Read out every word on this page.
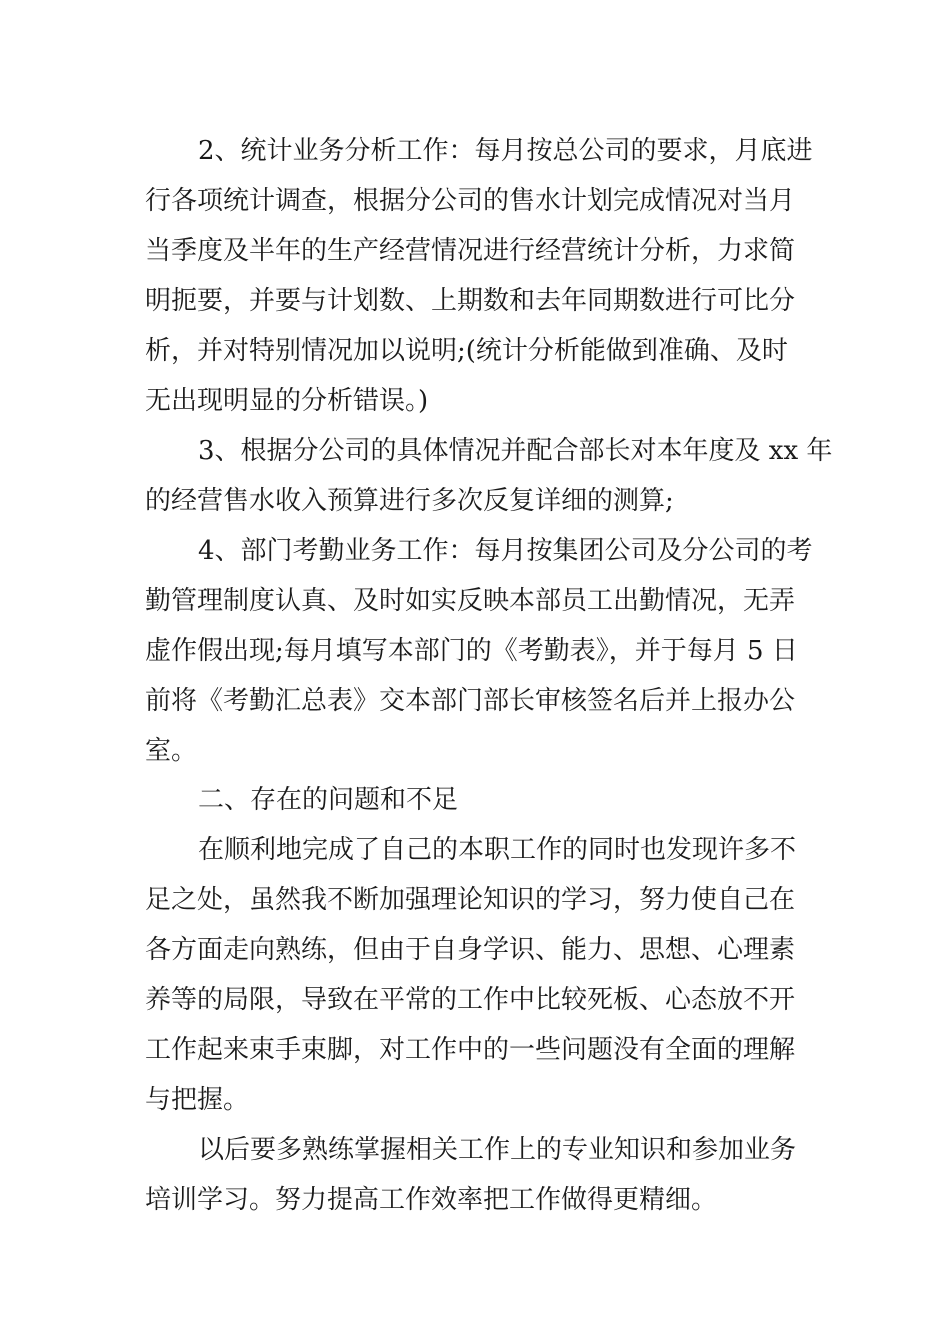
2、统计业务分析工作：每月按总公司的要求，月底进

行各项统计调查，根据分公司的售水计划完成情况对当月

当季度及半年的生产经营情况进行经营统计分析，力求简

明扼要，并要与计划数、上期数和去年同期数进行可比分

析，并对特别情况加以说明;(统计分析能做到准确、及时

无出现明显的分析错误。)

3、根据分公司的具体情况并配合部长对本年度及 xx 年

的经营售水收入预算进行多次反复详细的测算;

4、部门考勤业务工作：每月按集团公司及分公司的考

勤管理制度认真、及时如实反映本部员工出勤情况，无弄

虚作假出现;每月填写本部门的《考勤表》，并于每月 5 日

前将《考勤汇总表》交本部门部长审核签名后并上报办公

室。

二、存在的问题和不足

在顺利地完成了自己的本职工作的同时也发现许多不

足之处，虽然我不断加强理论知识的学习，努力使自己在

各方面走向熟练，但由于自身学识、能力、思想、心理素

养等的局限，导致在平常的工作中比较死板、心态放不开

工作起来束手束脚，对工作中的一些问题没有全面的理解

与把握。

以后要多熟练掌握相关工作上的专业知识和参加业务

培训学习。努力提高工作效率把工作做得更精细。
